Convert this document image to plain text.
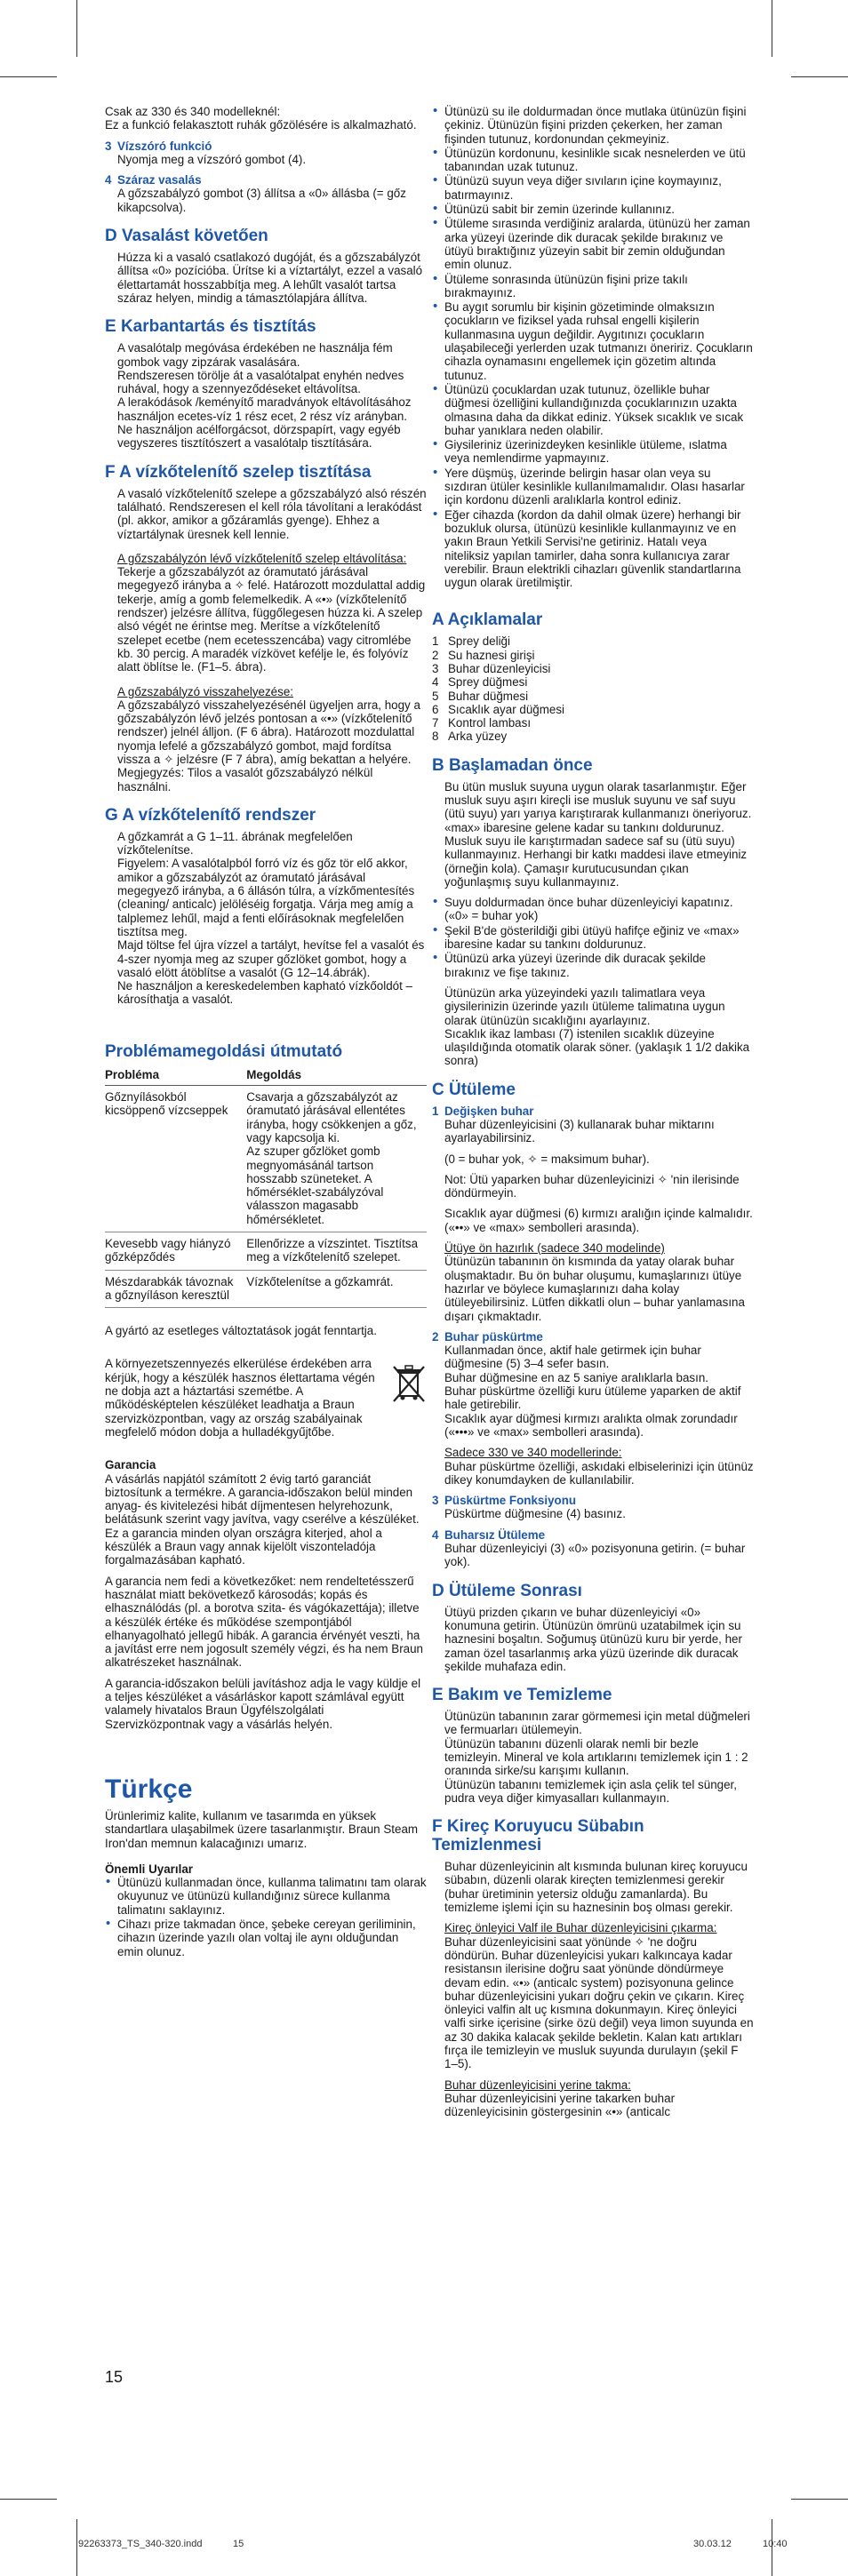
Csak az 330 és 340 modelleknél:
Ez a funkció felakasztott ruhák gőzölésére is alkalmazható.

3 Vízszóró funkció

Nyomja meg a vízszóró gombot (4).

4 Száraz vasalás

A gőzszabályzó gombot (3) állítsa a «0» állásba (= gőz kikapcsolva).

D Vasalást követően

Húzza ki a vasaló csatlakozó dugóját, és a gőzszabályzót állítsa «0» pozícióba. Ürítse ki a víztartályt, ezzel a vasaló élettartamát hosszabbítja meg. A lehűlt vasalót tartsa száraz helyen, mindig a támasztólapjára állítva.

E Karbantartás és tisztítás

A vasalótalp megóvása érdekében ne használja fém gombok vagy zipzárak vasalására.

Rendszeresen törölje át a vasalótalpat enyhén nedves ruhával, hogy a szennyeződéseket eltávolítsa.

A lerakódások /keményítő maradványok eltávolításához használjon ecetes-víz 1 rész ecet, 2 rész víz arányban.

Ne használjon acélforgácsot, dörzspapírt, vagy egyéb vegyszeres tisztítószert a vasalótalp tisztítására.

F A vízkőtelenítő szelep tisztítása

A vasaló vízkőtelenítő szelepe a gőzszabályzó alsó részén található. Rendszeresen el kell róla távolítani a lerakódást (pl. akkor, amikor a gőzáramlás gyenge). Ehhez a víztartálynak üresnek kell lennie.

A gőzszabályzón lévő vízkőtelenítő szelep eltávolítása:

Tekerje a gőzszabályzót az óramutató járásával megegyező irányba a ✧ felé. Határozott mozdulattal addig tekerje, amíg a gomb felemelkedik. A «•» (vízkőtelenítő rendszer) jelzésre állítva, függőlegesen húzza ki. A szelep alsó végét ne érintse meg. Merítse a vízkőtelenítő szelepet ecetbe (nem ecetesszencába) vagy citromlébe kb. 30 percig. A maradék vízkövet kefélje le, és folyóvíz alatt öblítse le. (F1–5. ábra).

A gőzszabályzó visszahelyezése:

A gőzszabályzó visszahelyezésénél ügyeljen arra, hogy a gőzszabályzón lévő jelzés pontosan a «•» (vízkőtelenítő rendszer) jelnél álljon. (F 6 ábra). Határozott mozdulattal nyomja lefelé a gőzszabályzó gombot, majd fordítsa vissza a ✧ jelzésre (F 7 ábra), amíg bekattan a helyére.
Megjegyzés: Tilos a vasalót gőzszabályzó nélkül használni.

G A vízkőtelenítő rendszer

A gőzkamrát a G 1–11. ábrának megfelelően vízkőtelenítse.
Figyelem: A vasalótalpból forró víz és gőz tör elő akkor, amikor a gőzszabályzót az óramutató járásával megegyező irányba, a 6 állásón túlra, a vízkőmentesítés (cleaning/ anticalc) jelöléséig forgatja. Várja meg amíg a talplemez lehűl, majd a fenti előírásoknak megfelelően tisztítsa meg.
Majd töltse fel újra vízzel a tartályt, hevítse fel a vasalót és 4-szer nyomja meg az szuper gőzlöket gombot, hogy a vasaló elött átöblítse a vasalót (G 12–14.ábrák).
Ne használjon a kereskedelemben kapható vízkőoldót – károsíthatja a vasalót.

Problémamegoldási útmutató
Probléma	Megoldás
Gőznyílásokból kicsöppenő vízcseppek	Csavarja a gőzszabályzót az óramutató járásával ellentétes irányba, hogy csökkenjen a gőz, vagy kapcsolja ki.
Az szuper gőzlöket gomb megnyomásánál tartson hosszabb szüneteket. A hőmérséklet-szabályzóval válasszon magasabb hőmérsékletet.
Kevesebb vagy hiányzó gőzképződés	Ellenőrizze a vízszintet. Tisztítsa meg a vízkőtelenítő szelepet.
Mészdarabkák távoznak a gőznyíláson keresztül	Vízkőtelenítse a gőzkamrát.

A gyártó az esetleges változtatások jogát fenntartja.

A környezetszennyezés elkerülése érdekében arra kérjük, hogy a készülék hasznos élettartama végén ne dobja azt a háztartási szemétbe. A működésképtelen készüléket leadhatja a Braun szervizközpontban, vagy az ország szabályainak megfelelő módon dobja a hulladékgyűjtőbe.

Garancia

A vásárlás napjától számított 2 évig tartó garanciát biztosítunk a termékre. A garancia-időszakon belül minden anyag- és kivitelezési hibát díjmentesen helyrehozunk, belátásunk szerint vagy javítva, vagy cserélve a készüléket. Ez a garancia minden olyan országra kiterjed, ahol a készülék a Braun vagy annak kijelölt viszonteladója forgalmazásában kapható.

A garancia nem fedi a következőket: nem rendeltetésszerű használat miatt bekövetkező károsodás; kopás és elhasználódás (pl. a borotva szita- és vágókazettája); illetve a készülék értéke és működése szempontjából elhanyagolható jellegű hibák. A garancia érvényét veszti, ha a javítást erre nem jogosult személy végzi, és ha nem Braun alkatrészeket használnak.

A garancia-időszakon belüli javításhoz adja le vagy küldje el a teljes készüléket a vásárláskor kapott számlával együtt valamely hivatalos Braun Ügyfélszolgálati Szervizközpontnak vagy a vásárlás helyén.

Türkçe

Ürünlerimiz kalite, kullanım ve tasarımda en yüksek standartlara ulaşabilmek üzere tasarlanmıştır. Braun Steam Iron'dan memnun kalacağınızı umarız.

Önemli Uyarılar
• Ütünüzü kullanmadan önce, kullanma talimatını tam olarak okuyunuz ve ütünüzü kullandığınız sürece kullanma talimatını saklayınız.
• Cihazı prize takmadan önce, şebeke cereyan geriliminin, cihazın üzerinde yazılı olan voltaj ile aynı olduğundan emin olunuz.
• Ütünüzü su ile doldurmadan önce mutlaka ütünüzün fişini çekiniz. Ütünüzün fişini prizden çekerken, her zaman fişinden tutunuz, kordonundan çekmeyiniz.
• Ütünüzün kordonunu, kesinlikle sıcak nesnelerden ve ütü tabanından uzak tutunuz.
• Ütünüzü suyun veya diğer sıvıların içine koymayınız, batırmayınız.
• Ütünüzü sabit bir zemin üzerinde kullanınız.
• Ütüleme sırasında verdiğiniz aralarda, ütünüzü her zaman arka yüzeyi üzerinde dik duracak şekilde bırakınız ve ütüyü bıraktığınız yüzeyin sabit bir zemin olduğundan emin olunuz.
• Ütüleme sonrasında ütünüzün fişini prize takılı bırakmayınız.
• Bu aygıt sorumlu bir kişinin gözetiminde olmaksızın çocukların ve fiziksel yada ruhsal engelli kişilerin kullanmasına uygun değildir. Aygıtınızı çocukların ulaşabileceği yerlerden uzak tutmanızı öneririz. Çocukların cihazla oynamasını engellemek için gözetim altında tutunuz.
• Ütünüzü çocuklardan uzak tutunuz, özellikle buhar düğmesi özelliğini kullandığınızda çocuklarınızın uzakta olmasına daha da dikkat ediniz. Yüksek sıcaklık ve sıcak buhar yanıklara neden olabilir.
• Giysileriniz üzerinizdeyken kesinlikle ütüleme, ıslatma veya nemlendirme yapmayınız.
• Yere düşmüş, üzerinde belirgin hasar olan veya su sızdıran ütüler kesinlikle kullanılmamalıdır. Olası hasarlar için kordonu düzenli aralıklarla kontrol ediniz.
• Eğer cihazda (kordon da dahil olmak üzere) herhangi bir bozukluk olursa, ütünüzü kesinlikle kullanmayınız ve en yakın Braun Yetkili Servisi'ne getiriniz. Hatalı veya niteliksiz yapılan tamirler, daha sonra kullanıcıya zarar verebilir. Braun elektrikli cihazları güvenlik standartlarına uygun olarak üretilmiştir.
A Açıklamalar
1 Sprey deliği
2 Su haznesi girişi
3 Buhar düzenleyicisi
4 Sprey düğmesi
5 Buhar düğmesi
6 Sıcaklık ayar düğmesi
7 Kontrol lambası
8 Arka yüzey
B Başlamadan önce

Bu ütün musluk suyuna uygun olarak tasarlanmıştır. Eğer musluk suyu aşırı kireçli ise musluk suyunu ve saf suyu (ütü suyu) yarı yarıya karıştırarak kullanmanızı öneriyoruz. «max» ibaresine gelene kadar su tankını doldurunuz. Musluk suyu ile karıştırmadan sadece saf su (ütü suyu) kullanmayınız. Herhangi bir katkı maddesi ilave etmeyiniz (örneğin kola). Çamaşır kurutucusundan çıkan yoğunlaşmış suyu kullanmayınız.

• Suyu doldurmadan önce buhar düzenleyiciyi kapatınız. («0» = buhar yok)
• Şekil B'de gösterildiği gibi ütüyü hafifçe eğiniz ve «max» ibaresine kadar su tankını doldurunuz.
• Ütünüzü arka yüzeyi üzerinde dik duracak şekilde bırakınız ve fişe takınız.

Ütünüzün arka yüzeyindeki yazılı talimatlara veya giysilerinizin üzerinde yazılı ütüleme talimatına uygun olarak ütünüzün sıcaklığını ayarlayınız.
Sıcaklık ikaz lambası (7) istenilen sıcaklık düzeyine ulaşıldığında otomatik olarak söner. (yaklaşık 1 1/2 dakika sonra)

C Ütüleme
1 Değişken buhar

Buhar düzenleyicisini (3) kullanarak buhar miktarını ayarlayabilirsiniz.

(0 = buhar yok, ✧ = maksimum buhar).

Not: Ütü yaparken buhar düzenleyicinizi ✧ 'nin ilerisinde döndürmeyin.

Sıcaklık ayar düğmesi (6) kırmızı aralığın içinde kalmalıdır. («••» ve «max» sembolleri arasında).

Ütüye ön hazırlık (sadece 340 modelinde)

Ütünüzün tabanının ön kısmında da yatay olarak buhar oluşmaktadır. Bu ön buhar oluşumu, kumaşlarınızı ütüye hazırlar ve böylece kumaşlarınızı daha kolay ütüleyebilirsiniz. Lütfen dikkatli olun – buhar yanlamasına dışarı çıkmaktadır.

2 Buhar püskürtme

Kullanmadan önce, aktif hale getirmek için buhar düğmesine (5) 3–4 sefer basın.
Buhar düğmesine en az 5 saniye aralıklarla basın.
Buhar püskürtme özelliği kuru ütüleme yaparken de aktif hale getirebilir.
Sıcaklık ayar düğmesi kırmızı aralıkta olmak zorundadır («•••» ve «max» sembolleri arasında).

Sadece 330 ve 340 modellerinde:

Buhar püskürtme özelliği, askıdaki elbiselerinizi için ütünüz dikey konumdayken de kullanılabilir.

3 Püskürtme Fonksiyonu

Püskürtme düğmesine (4) basınız.

4 Buharsız Ütüleme

Buhar düzenleyiciyi (3) «0» pozisyonuna getirin. (= buhar yok).

D Ütüleme Sonrası

Ütüyü prizden çıkarın ve buhar düzenleyiciyi «0» konumuna getirin. Ütünüzün ömrünü uzatabilmek için su haznesini boşaltın. Soğumuş ütünüzü kuru bir yerde, her zaman özel tasarlanmış arka yüzü üzerinde dik duracak şekilde muhafaza edin.

E Bakım ve Temizleme

Ütünüzün tabanının zarar görmemesi için metal düğmeleri ve fermuarları ütülemeyin.
Ütünüzün tabanını düzenli olarak nemli bir bezle temizleyin. Mineral ve kola artıklarını temizlemek için 1 : 2 oranında sirke/su karışımı kullanın.
Ütünüzün tabanını temizlemek için asla çelik tel sünger, pudra veya diğer kimyasalları kullanmayın.

F Kireç Koruyucu Sübabın Temizlenmesi

Buhar düzenleyicinin alt kısmında bulunan kireç koruyucu sübabın, düzenli olarak kireçten temizlenmesi gerekir (buhar üretiminin yetersiz olduğu zamanlarda). Bu temizleme işlemi için su haznesinin boş olması gerekir.

Kireç önleyici Valf ile Buhar düzenleyicisini çıkarma:

Buhar düzenleyicisini saat yönünde ✧ 'ne doğru döndürün. Buhar düzenleyicisi yukarı kalkıncaya kadar resistansın ilerisine doğru saat yönünde döndürmeye devam edin. «•» (anticalc system) pozisyonuna gelince buhar düzenleyicisini yukarı doğru çekin ve çıkarın. Kireç önleyici valfin alt uç kısmına dokunmayın. Kireç önleyici valfi sirke içerisine (sirke özü değil) veya limon suyunda en az 30 dakika kalacak şekilde bekletin. Kalan katı artıkları fırça ile temizleyin ve musluk suyunda durulayın (şekil F 1–5).

Buhar düzenleyicisini yerine takma:

Buhar düzenleyicisini yerine takarken buhar düzenleyicisinin göstergesinin «•» (anticalc

15
92263373_TS_340-320.indd	15	30.03.12	10:40
